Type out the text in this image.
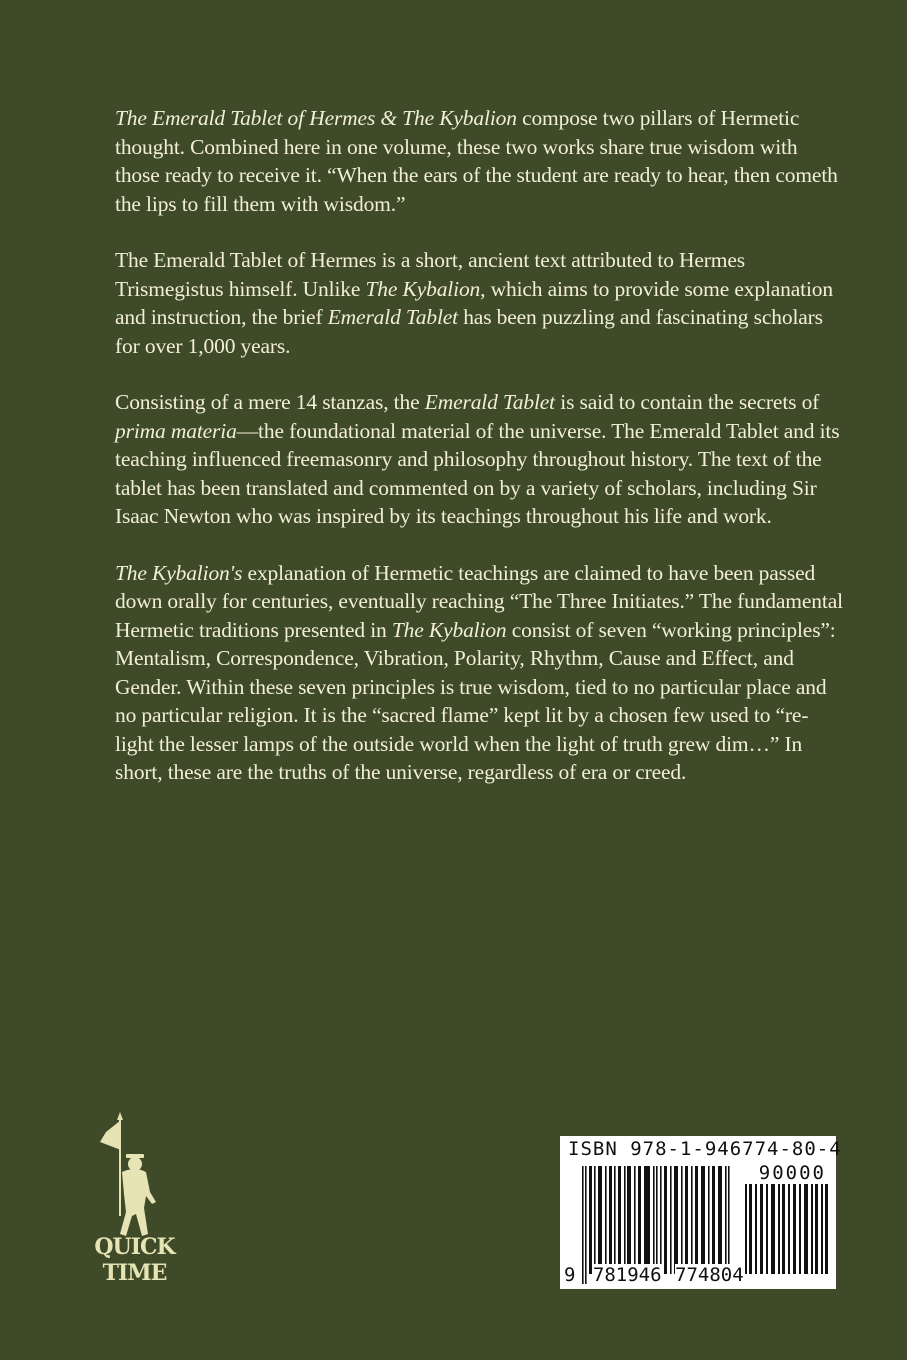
The Emerald Tablet of Hermes & The Kybalion compose two pillars of Hermetic thought. Combined here in one volume, these two works share true wisdom with those ready to receive it. “When the ears of the student are ready to hear, then cometh the lips to fill them with wisdom.”

The Emerald Tablet of Hermes is a short, ancient text attributed to Hermes Trismegistus himself. Unlike The Kybalion, which aims to provide some explanation and instruction, the brief Emerald Tablet has been puzzling and fascinating scholars for over 1,000 years.

Consisting of a mere 14 stanzas, the Emerald Tablet is said to contain the secrets of prima materia—the foundational material of the universe. The Emerald Tablet and its teaching influenced freemasonry and philosophy throughout history. The text of the tablet has been translated and commented on by a variety of scholars, including Sir Isaac Newton who was inspired by its teachings throughout his life and work.

The Kybalion's explanation of Hermetic teachings are claimed to have been passed down orally for centuries, eventually reaching “The Three Initiates.” The fundamental Hermetic traditions presented in The Kybalion consist of seven “working principles”: Mentalism, Correspondence, Vibration, Polarity, Rhythm, Cause and Effect, and Gender. Within these seven principles is true wisdom, tied to no particular place and no particular religion. It is the “sacred flame” kept lit by a chosen few used to “re-light the lesser lamps of the outside world when the light of truth grew dim…” In short, these are the truths of the universe, regardless of era or creed.

QUICK
TIME
ISBN 978-1-946774-80-4
90000
9 781946 774804
